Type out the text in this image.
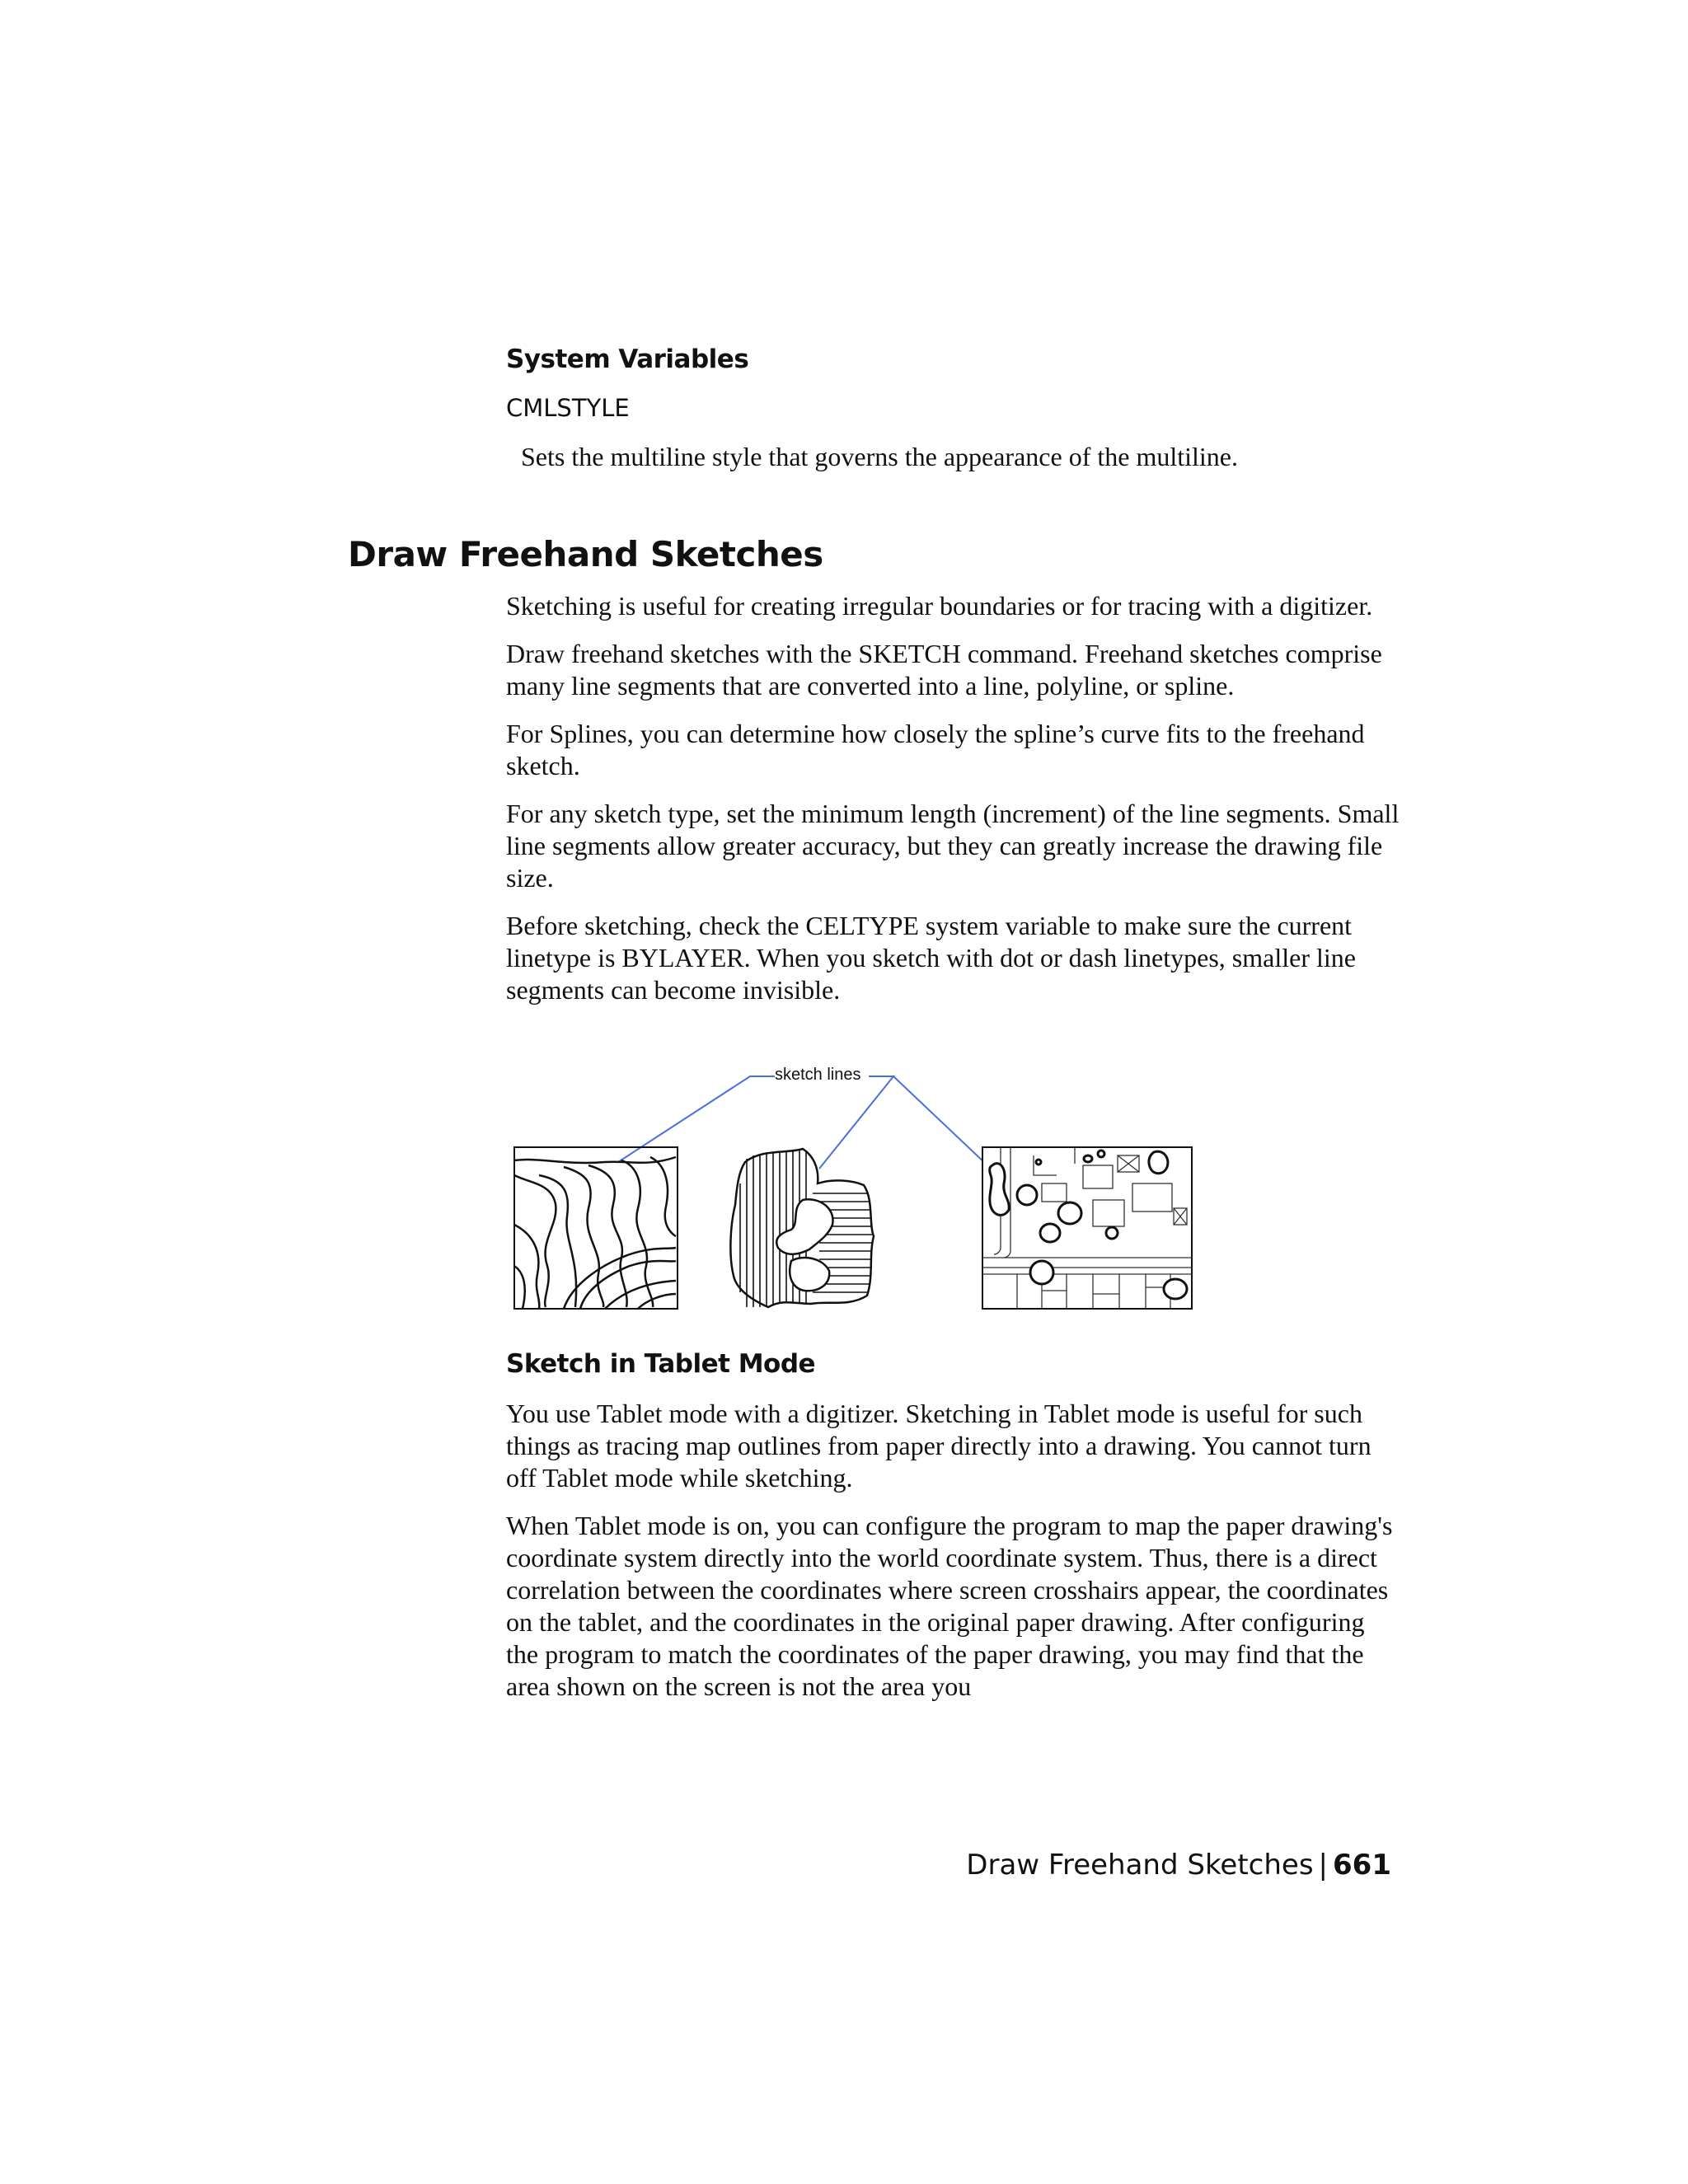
System Variables
CMLSTYLE
Sets the multiline style that governs the appearance of the multiline.
Draw Freehand Sketches

Sketching is useful for creating irregular boundaries or for tracing with a digitizer.

Draw freehand sketches with the SKETCH command. Freehand sketches comprise many line segments that are converted into a line, polyline, or spline.

For Splines, you can determine how closely the spline’s curve fits to the freehand sketch.

For any sketch type, set the minimum length (increment) of the line segments. Small line segments allow greater accuracy, but they can greatly increase the drawing file size.

Before sketching, check the CELTYPE system variable to make sure the current linetype is BYLAYER. When you sketch with dot or dash linetypes, smaller line segments can become invisible.

sketch lines
Sketch in Tablet Mode

You use Tablet mode with a digitizer. Sketching in Tablet mode is useful for such things as tracing map outlines from paper directly into a drawing. You cannot turn off Tablet mode while sketching.

When Tablet mode is on, you can configure the program to map the paper drawing's coordinate system directly into the world coordinate system. Thus, there is a direct correlation between the coordinates where screen crosshairs appear, the coordinates on the tablet, and the coordinates in the original paper drawing. After configuring the program to match the coordinates of the paper drawing, you may find that the area shown on the screen is not the area you

Draw Freehand Sketches | 661
